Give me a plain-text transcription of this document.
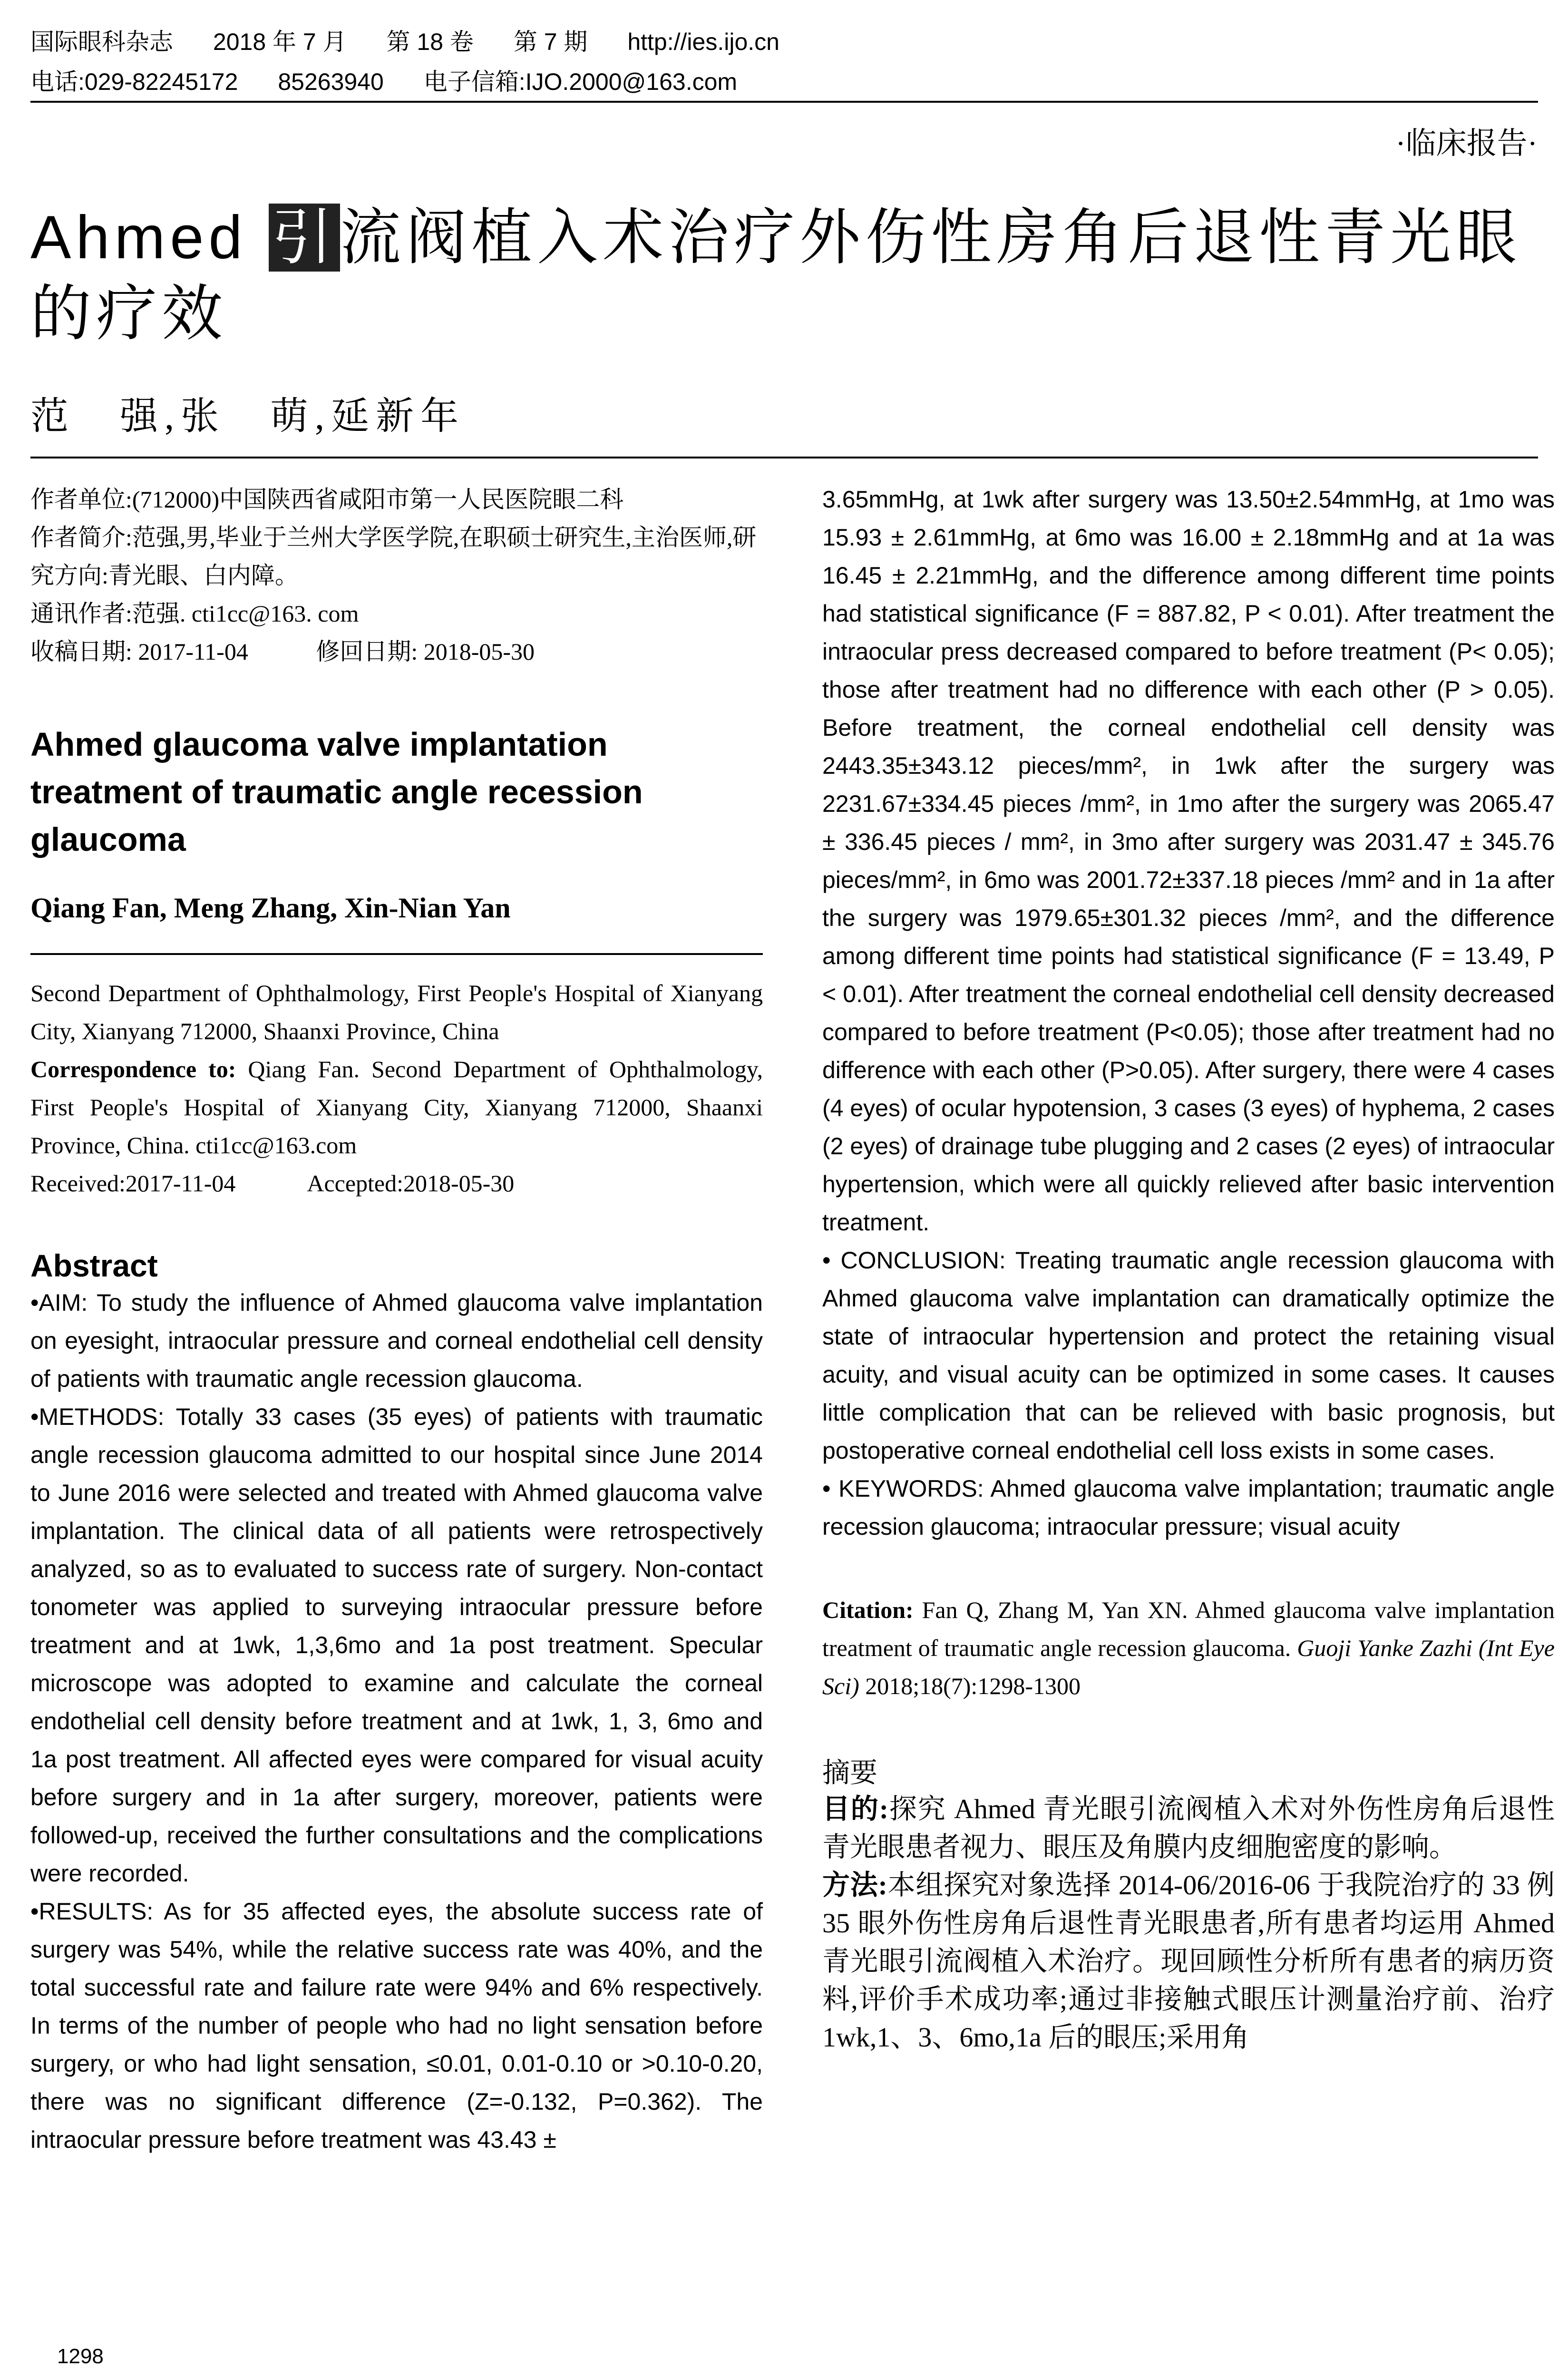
国际眼科杂志 2018 年 7 月 第 18 卷 第 7 期 http://ies.ijo.cn
电话:029-82245172 85263940 电子信箱:IJO.2000@163.com
·临床报告·
Ahmed 引流阀植入术治疗外伤性房角后退性青光眼的疗效
范　强,张　萌,延新年
作者单位:(712000)中国陕西省咸阳市第一人民医院眼二科
作者简介:范强,男,毕业于兰州大学医学院,在职硕士研究生,主治医师,研究方向:青光眼、白内障。
通讯作者:范强. cti1cc@163. com
收稿日期: 2017-11-04	修回日期: 2018-05-30
Ahmed glaucoma valve implantation treatment of traumatic angle recession glaucoma
Qiang Fan, Meng Zhang, Xin-Nian Yan
Second Department of Ophthalmology, First People's Hospital of Xianyang City, Xianyang 712000, Shaanxi Province, China
Correspondence to: Qiang Fan. Second Department of Ophthalmology, First People's Hospital of Xianyang City, Xianyang 712000, Shaanxi Province, China. cti1cc@163.com
Received:2017-11-04　　　Accepted:2018-05-30
Abstract

•AIM: To study the influence of Ahmed glaucoma valve implantation on eyesight, intraocular pressure and corneal endothelial cell density of patients with traumatic angle recession glaucoma.

•METHODS: Totally 33 cases (35 eyes) of patients with traumatic angle recession glaucoma admitted to our hospital since June 2014 to June 2016 were selected and treated with Ahmed glaucoma valve implantation. The clinical data of all patients were retrospectively analyzed, so as to evaluated to success rate of surgery. Non-contact tonometer was applied to surveying intraocular pressure before treatment and at 1wk, 1,3,6mo and 1a post treatment. Specular microscope was adopted to examine and calculate the corneal endothelial cell density before treatment and at 1wk, 1, 3, 6mo and 1a post treatment. All affected eyes were compared for visual acuity before surgery and in 1a after surgery, moreover, patients were followed-up, received the further consultations and the complications were recorded.

•RESULTS: As for 35 affected eyes, the absolute success rate of surgery was 54%, while the relative success rate was 40%, and the total successful rate and failure rate were 94% and 6% respectively. In terms of the number of people who had no light sensation before surgery, or who had light sensation, ≤0.01, 0.01-0.10 or >0.10-0.20, there was no significant difference (Z=-0.132, P=0.362). The intraocular pressure before treatment was 43.43 ±

3.65mmHg, at 1wk after surgery was 13.50±2.54mmHg, at 1mo was 15.93 ± 2.61mmHg, at 6mo was 16.00 ± 2.18mmHg and at 1a was 16.45 ± 2.21mmHg, and the difference among different time points had statistical significance (F = 887.82, P < 0.01). After treatment the intraocular press decreased compared to before treatment (P< 0.05); those after treatment had no difference with each other (P > 0.05). Before treatment, the corneal endothelial cell density was 2443.35±343.12 pieces/mm², in 1wk after the surgery was 2231.67±334.45 pieces /mm², in 1mo after the surgery was 2065.47 ± 336.45 pieces / mm², in 3mo after surgery was 2031.47 ± 345.76 pieces/mm², in 6mo was 2001.72±337.18 pieces /mm² and in 1a after the surgery was 1979.65±301.32 pieces /mm², and the difference among different time points had statistical significance (F = 13.49, P < 0.01). After treatment the corneal endothelial cell density decreased compared to before treatment (P<0.05); those after treatment had no difference with each other (P>0.05). After surgery, there were 4 cases (4 eyes) of ocular hypotension, 3 cases (3 eyes) of hyphema, 2 cases (2 eyes) of drainage tube plugging and 2 cases (2 eyes) of intraocular hypertension, which were all quickly relieved after basic intervention treatment.

• CONCLUSION: Treating traumatic angle recession glaucoma with Ahmed glaucoma valve implantation can dramatically optimize the state of intraocular hypertension and protect the retaining visual acuity, and visual acuity can be optimized in some cases. It causes little complication that can be relieved with basic prognosis, but postoperative corneal endothelial cell loss exists in some cases.

• KEYWORDS: Ahmed glaucoma valve implantation; traumatic angle recession glaucoma; intraocular pressure; visual acuity

Citation: Fan Q, Zhang M, Yan XN. Ahmed glaucoma valve implantation treatment of traumatic angle recession glaucoma. Guoji Yanke Zazhi (Int Eye Sci) 2018;18(7):1298-1300
摘要

目的:探究 Ahmed 青光眼引流阀植入术对外伤性房角后退性青光眼患者视力、眼压及角膜内皮细胞密度的影响。

方法:本组探究对象选择 2014-06/2016-06 于我院治疗的 33 例 35 眼外伤性房角后退性青光眼患者,所有患者均运用 Ahmed 青光眼引流阀植入术治疗。现回顾性分析所有患者的病历资料,评价手术成功率;通过非接触式眼压计测量治疗前、治疗 1wk,1、3、6mo,1a 后的眼压;采用角

1298
